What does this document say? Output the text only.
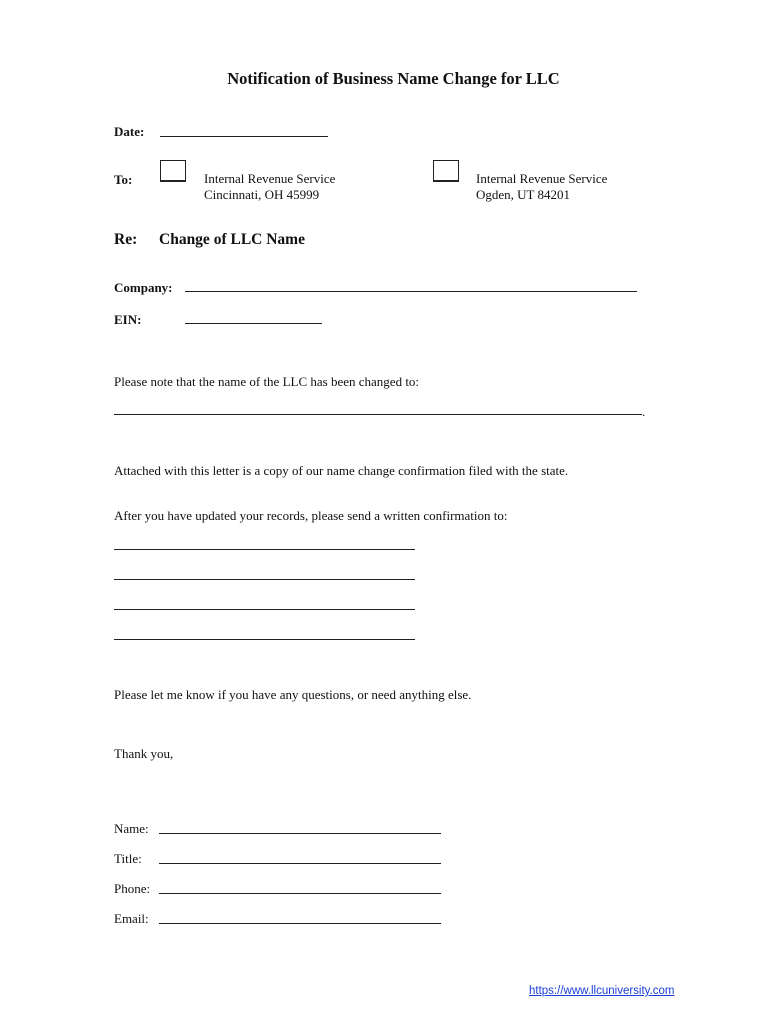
Notification of Business Name Change for LLC
Date:
To:	Internal Revenue Service
Cincinnati, OH 45999
Internal Revenue Service
Ogden, UT 84201
Re: Change of LLC Name
Company:
EIN:
Please note that the name of the LLC has been changed to:
.
Attached with this letter is a copy of our name change confirmation filed with the state.
After you have updated your records, please send a written confirmation to:
Please let me know if you have any questions, or need anything else.
Thank you,
Name:
Title:
Phone:
Email:
https://www.llcuniversity.com
